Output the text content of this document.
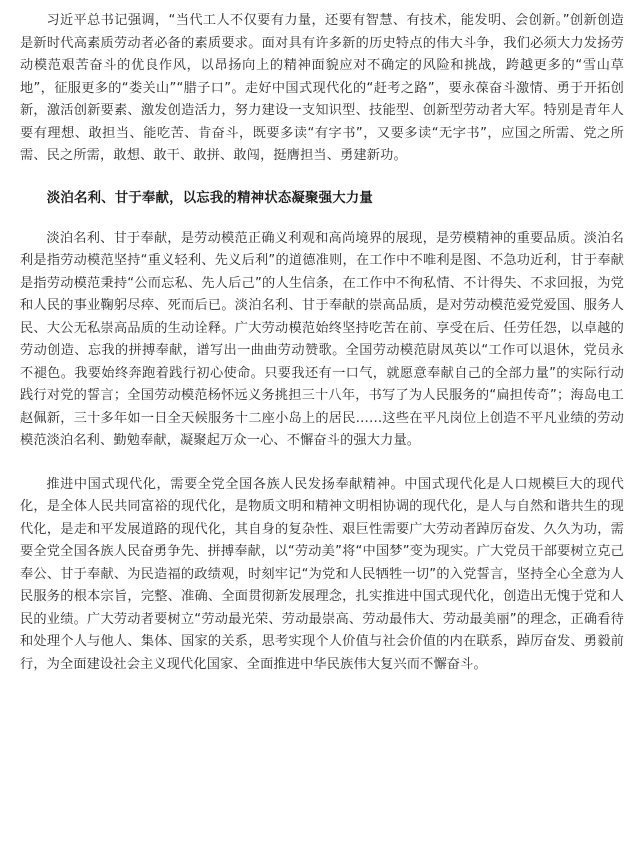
习近平总书记强调，“当代工人不仅要有力量，还要有智慧、有技术，能发明、会创新。”创新创造是新时代高素质劳动者必备的素质要求。面对具有许多新的历史特点的伟大斗争，我们必须大力发扬劳动模范艰苦奋斗的优良作风，以昂扬向上的精神面貌应对不确定的风险和挑战，跨越更多的“雪山草地”，征服更多的“娄关山”“腊子口”。走好中国式现代化的“赶考之路”，要永葆奋斗激情、勇于开拓创新，激活创新要素、激发创造活力，努力建设一支知识型、技能型、创新型劳动者大军。特别是青年人要有理想、敢担当、能吃苦、肯奋斗，既要多读“有字书”，又要多读“无字书”，应国之所需、党之所需、民之所需，敢想、敢干、敢拼、敢闯，挺膺担当、勇建新功。

淡泊名利、甘于奉献，以忘我的精神状态凝聚强大力量

淡泊名利、甘于奉献，是劳动模范正确义利观和高尚境界的展现，是劳模精神的重要品质。淡泊名利是指劳动模范坚持“重义轻利、先义后利”的道德准则，在工作中不唯利是图、不急功近利，甘于奉献是指劳动模范秉持“公而忘私、先人后己”的人生信条，在工作中不徇私情、不计得失、不求回报，为党和人民的事业鞠躬尽瘁、死而后已。淡泊名利、甘于奉献的崇高品质，是对劳动模范爱党爱国、服务人民、大公无私崇高品质的生动诠释。广大劳动模范始终坚持吃苦在前、享受在后、任劳任怨，以卓越的劳动创造、忘我的拼搏奉献，谱写出一曲曲劳动赞歌。全国劳动模范尉凤英以“工作可以退休，党员永不褪色。我要始终奔跑着践行初心使命。只要我还有一口气，就愿意奉献自己的全部力量”的实际行动践行对党的誓言；全国劳动模范杨怀远义务挑担三十八年，书写了为人民服务的“扁担传奇”；海岛电工赵佩新，三十多年如一日全天候服务十二座小岛上的居民……这些在平凡岗位上创造不平凡业绩的劳动模范淡泊名利、勤勉奉献，凝聚起万众一心、不懈奋斗的强大力量。

推进中国式现代化，需要全党全国各族人民发扬奉献精神。中国式现代化是人口规模巨大的现代化，是全体人民共同富裕的现代化，是物质文明和精神文明相协调的现代化，是人与自然和谐共生的现代化，是走和平发展道路的现代化，其自身的复杂性、艰巨性需要广大劳动者踔厉奋发、久久为功，需要全党全国各族人民奋勇争先、拼搏奉献，以“劳动美”将“中国梦”变为现实。广大党员干部要树立克己奉公、甘于奉献、为民造福的政绩观，时刻牢记“为党和人民牺牲一切”的入党誓言，坚持全心全意为人民服务的根本宗旨，完整、准确、全面贯彻新发展理念，扎实推进中国式现代化，创造出无愧于党和人民的业绩。广大劳动者要树立“劳动最光荣、劳动最崇高、劳动最伟大、劳动最美丽”的理念，正确看待和处理个人与他人、集体、国家的关系，思考实现个人价值与社会价值的内在联系，踔厉奋发、勇毅前行，为全面建设社会主义现代化国家、全面推进中华民族伟大复兴而不懈奋斗。
